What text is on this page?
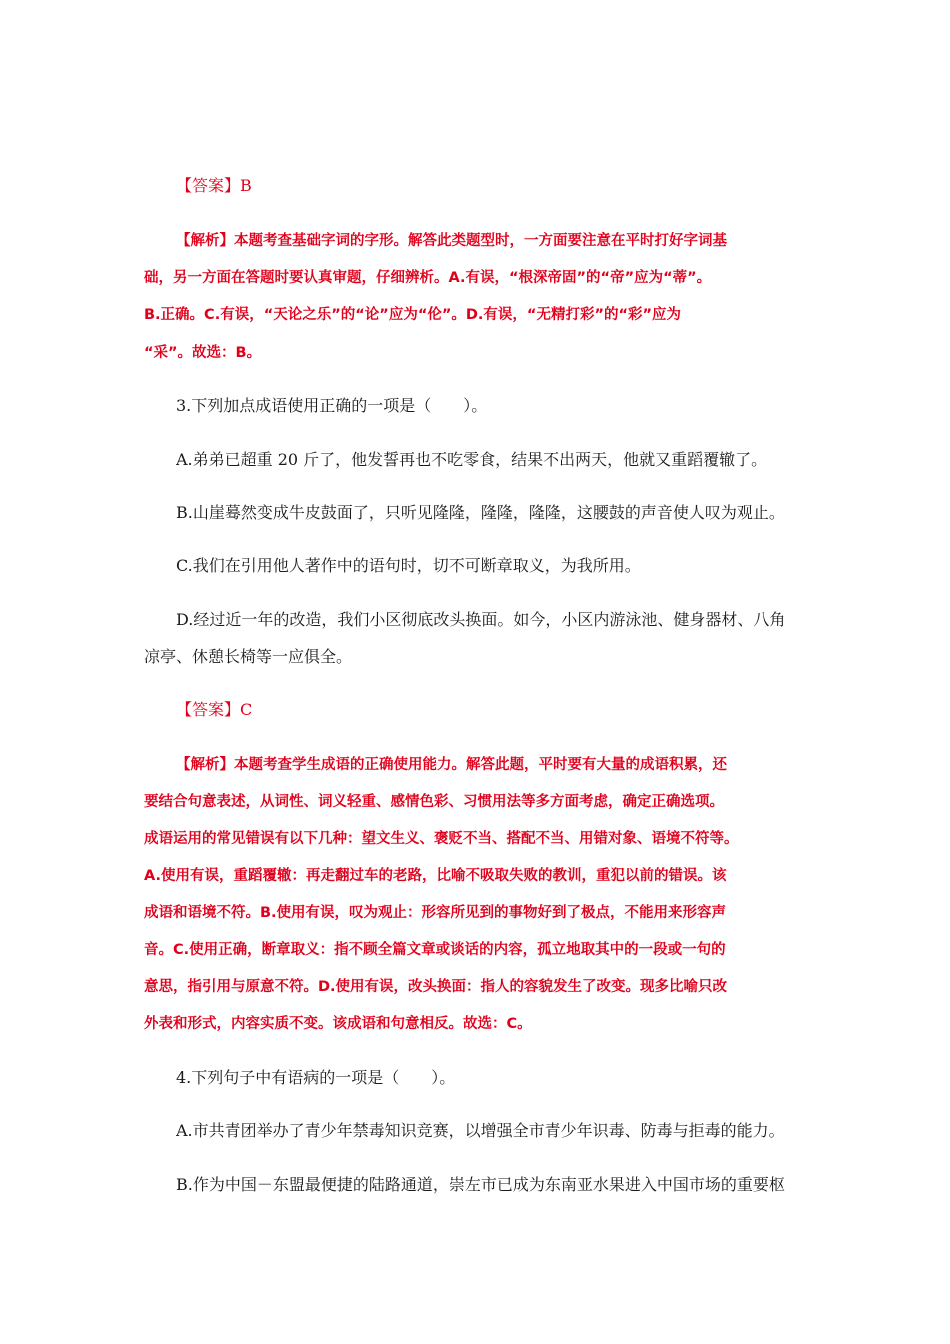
【答案】B
【解析】本题考查基础字词的字形。解答此类题型时，一方面要注意在平时打好字词基
础，另一方面在答题时要认真审题，仔细辨析。A.有误，“根深帝固”的“帝”应为“蒂”。
B.正确。C.有误，“天论之乐”的“论”应为“伦”。D.有误，“无精打彩”的“彩”应为
“采”。故选：B。
3.下列加点成语使用正确的一项是（　　）。
A.弟弟已超重 20 斤了，他发誓再也不吃零食，结果不出两天，他就又重蹈覆辙了。
B.山崖蓦然变成牛皮鼓面了，只听见隆隆，隆隆，隆隆，这腰鼓的声音使人叹为观止。
C.我们在引用他人著作中的语句时，切不可断章取义，为我所用。
D.经过近一年的改造，我们小区彻底改头换面。如今，小区内游泳池、健身器材、八角
凉亭、休憩长椅等一应俱全。
【答案】C
【解析】本题考查学生成语的正确使用能力。解答此题，平时要有大量的成语积累，还
要结合句意表述，从词性、词义轻重、感情色彩、习惯用法等多方面考虑，确定正确选项。
成语运用的常见错误有以下几种：望文生义、褒贬不当、搭配不当、用错对象、语境不符等。
A.使用有误，重蹈覆辙：再走翻过车的老路，比喻不吸取失败的教训，重犯以前的错误。该
成语和语境不符。B.使用有误，叹为观止：形容所见到的事物好到了极点，不能用来形容声
音。C.使用正确，断章取义：指不顾全篇文章或谈话的内容，孤立地取其中的一段或一句的
意思，指引用与原意不符。D.使用有误，改头换面：指人的容貌发生了改变。现多比喻只改
外表和形式，内容实质不变。该成语和句意相反。故选：C。
4.下列句子中有语病的一项是（　　）。
A.市共青团举办了青少年禁毒知识竞赛，以增强全市青少年识毒、防毒与拒毒的能力。
B.作为中国－东盟最便捷的陆路通道，崇左市已成为东南亚水果进入中国市场的重要枢
